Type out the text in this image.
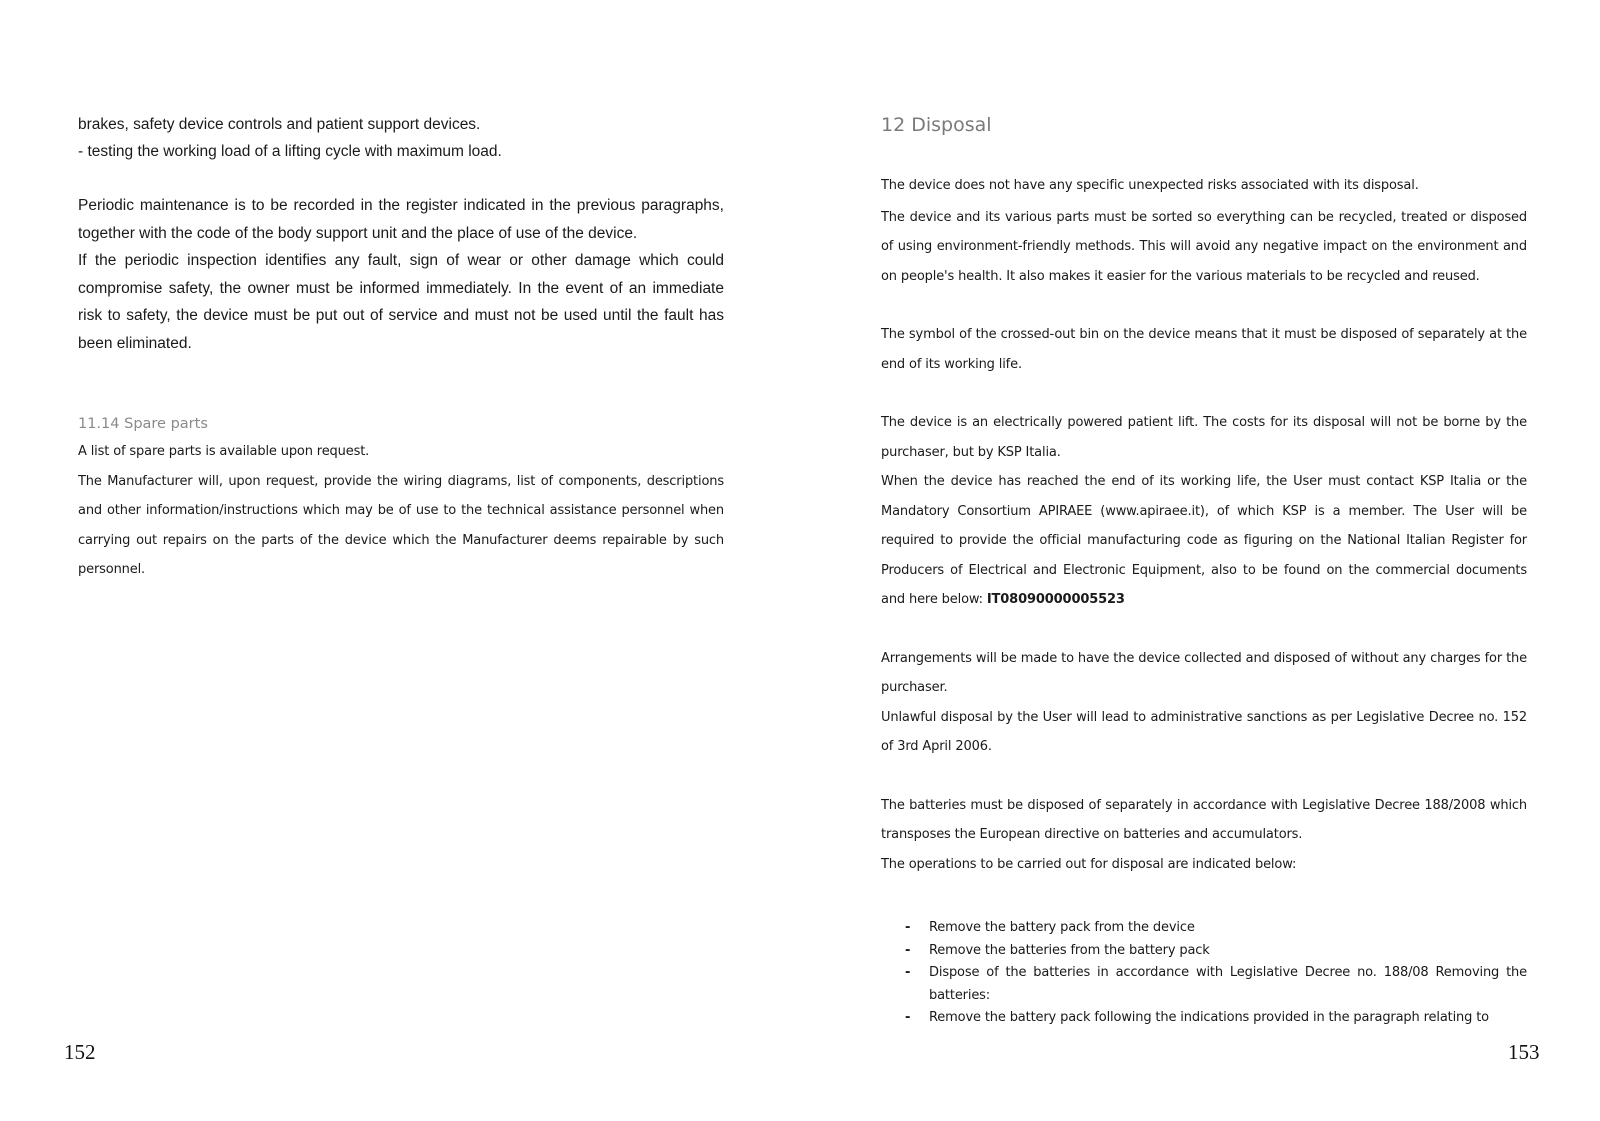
brakes, safety device controls and patient support devices.

- testing the working load of a lifting cycle with maximum load.

Periodic maintenance is to be recorded in the register indicated in the previous paragraphs, together with the code of the body support unit and the place of use of the device.

If the periodic inspection identifies any fault, sign of wear or other damage which could compromise safety, the owner must be informed immediately. In the event of an immediate risk to safety, the device must be put out of service and must not be used until the fault has been eliminated.

11.14 Spare parts

A list of spare parts is available upon request.

The Manufacturer will, upon request, provide the wiring diagrams, list of components, descriptions and other information/instructions which may be of use to the technical assistance personnel when carrying out repairs on the parts of the device which the Manufacturer deems repairable by such personnel.

152
12 Disposal

The device does not have any specific unexpected risks associated with its disposal.

The device and its various parts must be sorted so everything can be recycled, treated or disposed of using environment-friendly methods. This will avoid any negative impact on the environment and on people's health. It also makes it easier for the various materials to be recycled and reused.

The symbol of the crossed-out bin on the device means that it must be disposed of separately at the end of its working life.

The device is an electrically powered patient lift. The costs for its disposal will not be borne by the purchaser, but by KSP Italia.

When the device has reached the end of its working life, the User must contact KSP Italia or the Mandatory Consortium APIRAEE (www.apiraee.it), of which KSP is a member. The User will be required to provide the official manufacturing code as figuring on the National Italian Register for Producers of Electrical and Electronic Equipment, also to be found on the commercial documents and here below: IT08090000005523

Arrangements will be made to have the device collected and disposed of without any charges for the purchaser.

Unlawful disposal by the User will lead to administrative sanctions as per Legislative Decree no. 152 of 3rd April 2006.

The batteries must be disposed of separately in accordance with Legislative Decree 188/2008 which transposes the European directive on batteries and accumulators.

The operations to be carried out for disposal are indicated below:

- Remove the battery pack from the device
- Remove the batteries from the battery pack
- Dispose of the batteries in accordance with Legislative Decree no. 188/08 Removing the batteries:
- Remove the battery pack following the indications provided in the paragraph relating to
153
